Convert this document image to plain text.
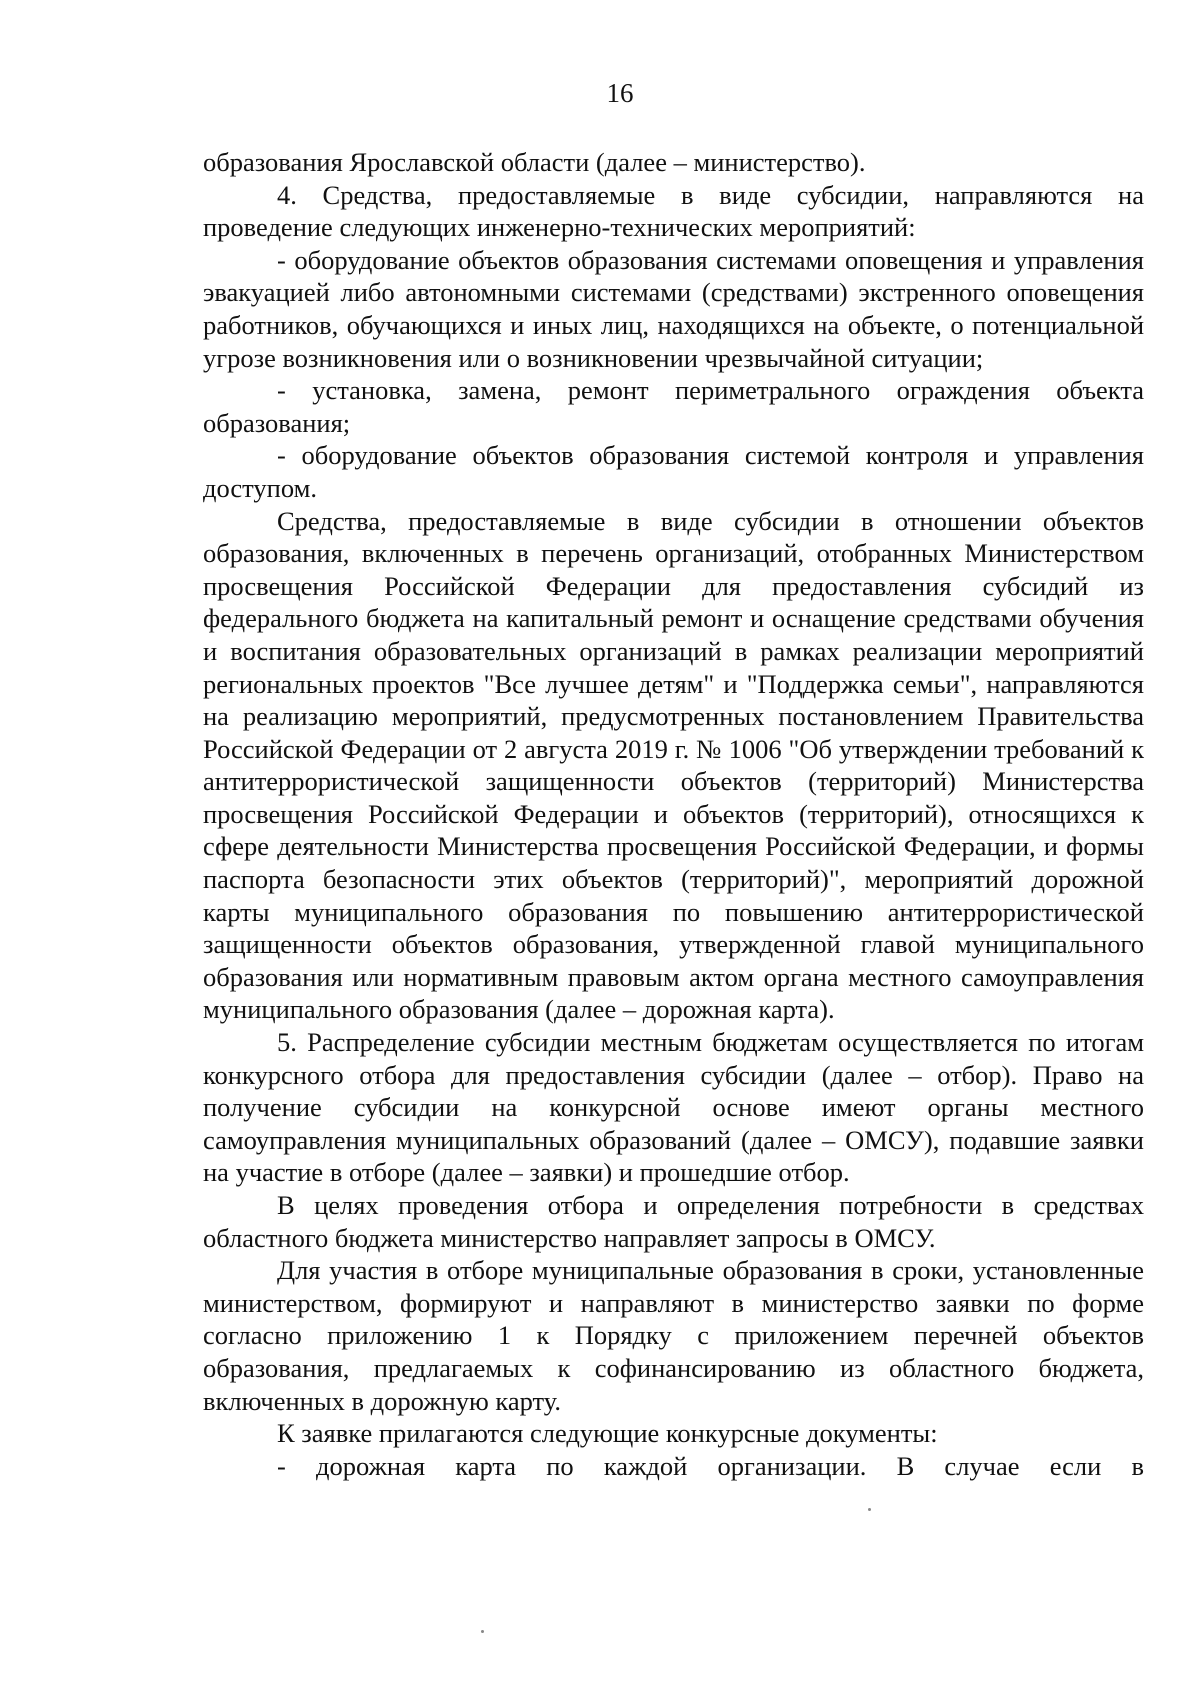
16

образования Ярославской области (далее – министерство).

4. Средства, предоставляемые в виде субсидии, направляются на проведение следующих инженерно-технических мероприятий:

- оборудование объектов образования системами оповещения и управления эвакуацией либо автономными системами (средствами) экстренного оповещения работников, обучающихся и иных лиц, находящихся на объекте, о потенциальной угрозе возникновения или о возникновении чрезвычайной ситуации;

- установка, замена, ремонт периметрального ограждения объекта образования;

- оборудование объектов образования системой контроля и управления доступом.

Средства, предоставляемые в виде субсидии в отношении объектов образования, включенных в перечень организаций, отобранных Министерством просвещения Российской Федерации для предоставления субсидий из федерального бюджета на капитальный ремонт и оснащение средствами обучения и воспитания образовательных организаций в рамках реализации мероприятий региональных проектов "Все лучшее детям" и "Поддержка семьи", направляются на реализацию мероприятий, предусмотренных постановлением Правительства Российской Федерации от 2 августа 2019 г. № 1006 "Об утверждении требований к антитеррористической защищенности объектов (территорий) Министерства просвещения Российской Федерации и объектов (территорий), относящихся к сфере деятельности Министерства просвещения Российской Федерации, и формы паспорта безопасности этих объектов (территорий)", мероприятий дорожной карты муниципального образования по повышению антитеррористической защищенности объектов образования, утвержденной главой муниципального образования или нормативным правовым актом органа местного самоуправления муниципального образования (далее – дорожная карта).

5. Распределение субсидии местным бюджетам осуществляется по итогам конкурсного отбора для предоставления субсидии (далее – отбор). Право на получение субсидии на конкурсной основе имеют органы местного самоуправления муниципальных образований (далее – ОМСУ), подавшие заявки на участие в отборе (далее – заявки) и прошедшие отбор.

В целях проведения отбора и определения потребности в средствах областного бюджета министерство направляет запросы в ОМСУ.

Для участия в отборе муниципальные образования в сроки, установленные министерством, формируют и направляют в министерство заявки по форме согласно приложению 1 к Порядку с приложением перечней объектов образования, предлагаемых к софинансированию из областного бюджета, включенных в дорожную карту.

К заявке прилагаются следующие конкурсные документы:

- дорожная карта по каждой организации. В случае если в
